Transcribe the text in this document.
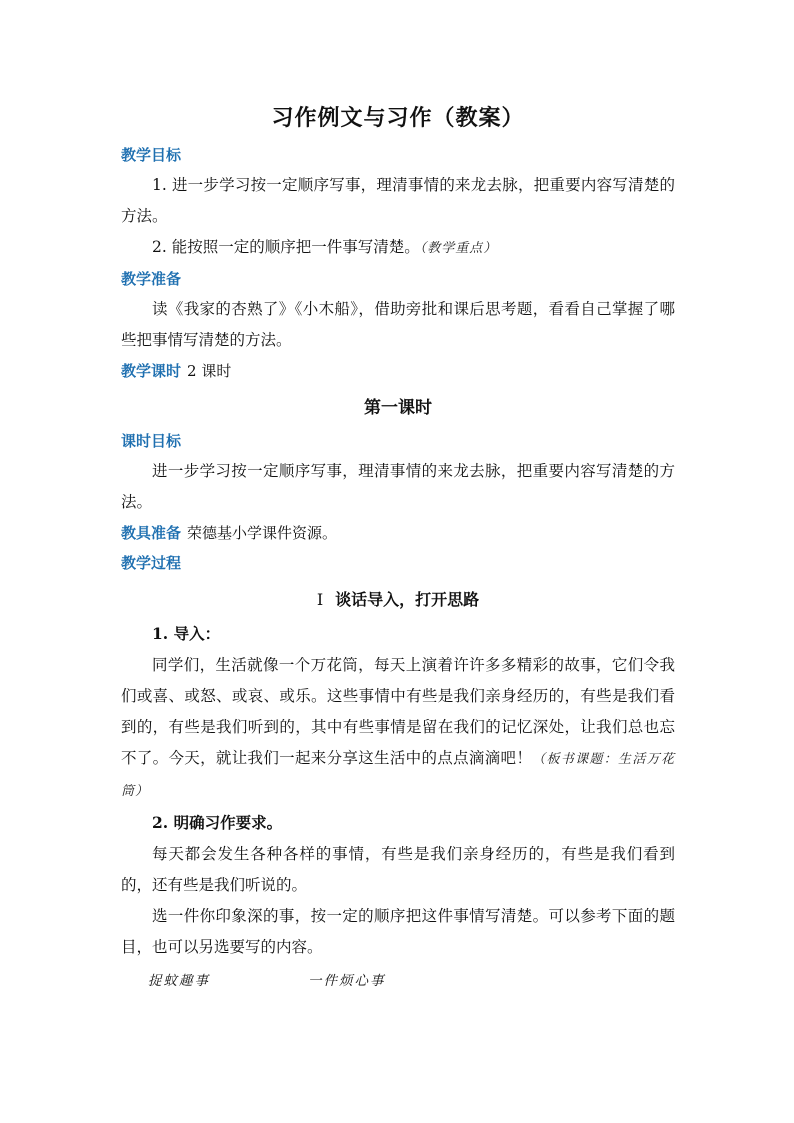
习作例文与习作（教案）

教学目标

1. 进一步学习按一定顺序写事，理清事情的来龙去脉，把重要内容写清楚的方法。

2. 能按照一定的顺序把一件事写清楚。（教学重点）

教学准备

读《我家的杏熟了》《小木船》，借助旁批和课后思考题，看看自己掌握了哪些把事情写清楚的方法。

教学课时 2 课时

第一课时

课时目标

进一步学习按一定顺序写事，理清事情的来龙去脉，把重要内容写清楚的方法。

教具准备 荣德基小学课件资源。

教学过程

Ⅰ 谈话导入，打开思路

1. 导入：

同学们，生活就像一个万花筒，每天上演着许许多多精彩的故事，它们令我们或喜、或怒、或哀、或乐。这些事情中有些是我们亲身经历的，有些是我们看到的，有些是我们听到的，其中有些事情是留在我们的记忆深处，让我们总也忘不了。今天，就让我们一起来分享这生活中的点点滴滴吧！（板书课题：生活万花筒）

2. 明确习作要求。

每天都会发生各种各样的事情，有些是我们亲身经历的，有些是我们看到的，还有些是我们听说的。

选一件你印象深的事，按一定的顺序把这件事情写清楚。可以参考下面的题目，也可以另选要写的内容。

捉蚊趣事	一件烦心事
